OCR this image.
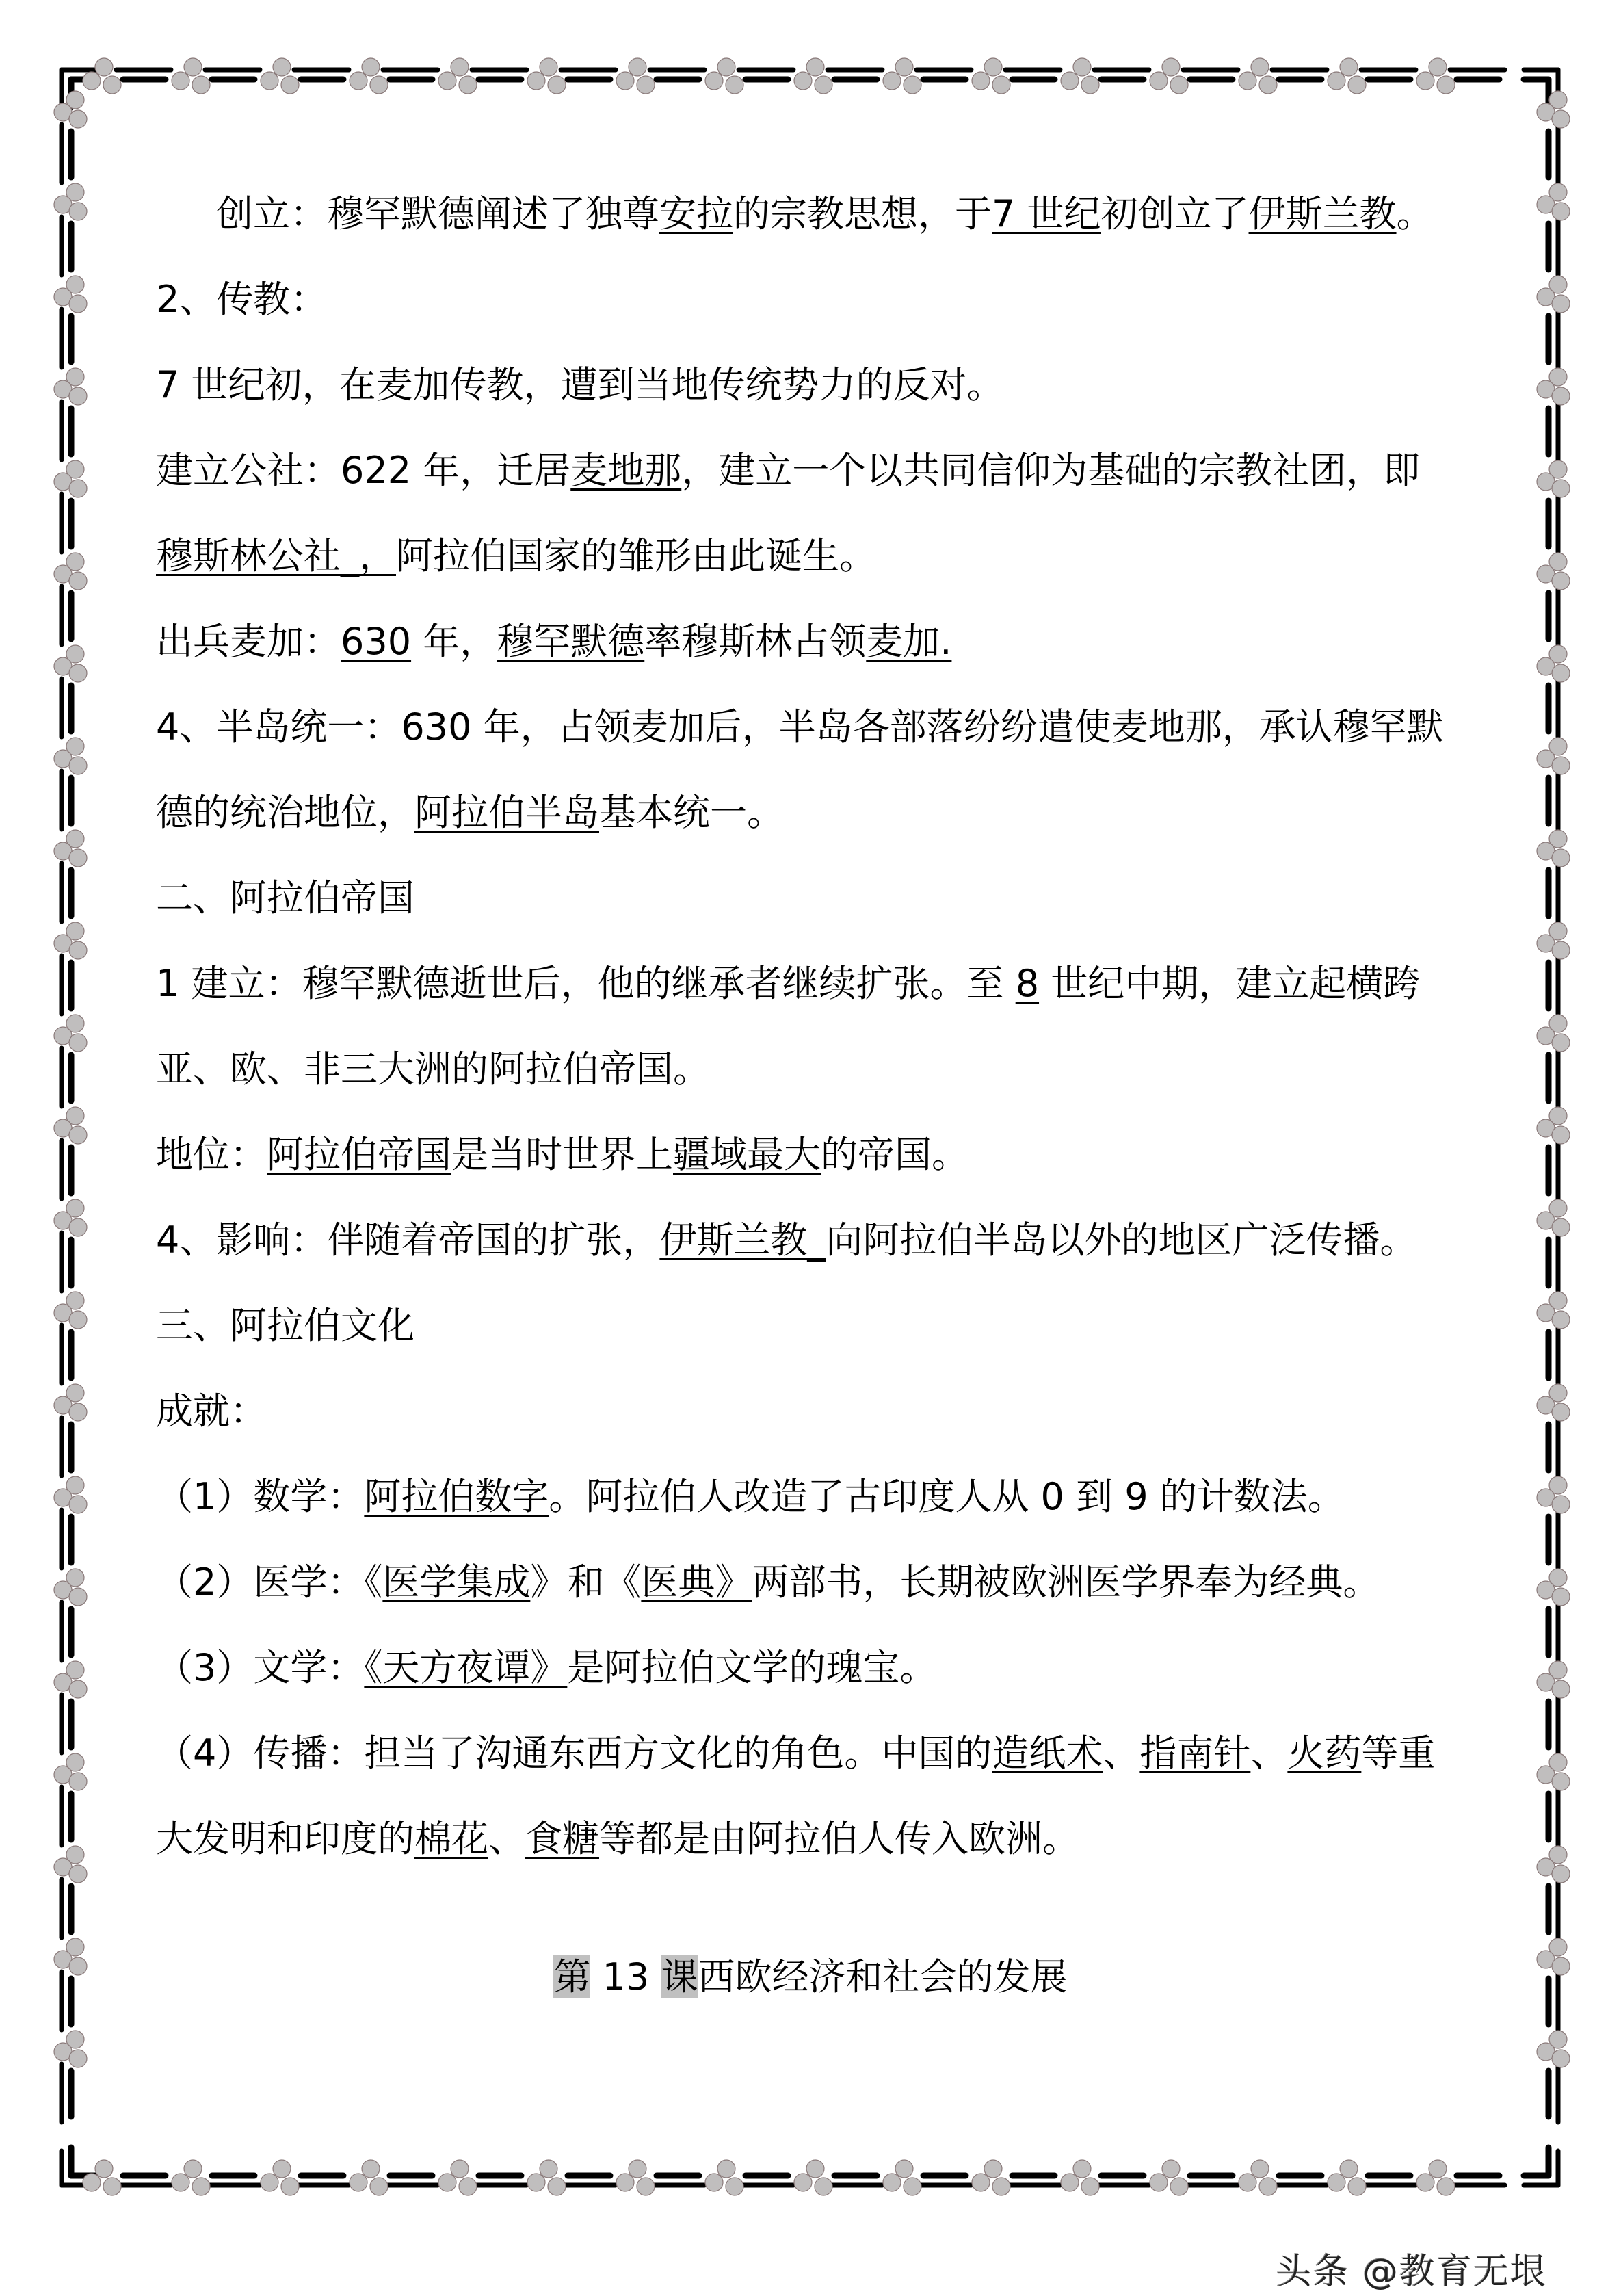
创立：穆罕默德阐述了独尊安拉的宗教思想，于7 世纪初创立了伊斯兰教。
2、传教：
7 世纪初，在麦加传教，遭到当地传统势力的反对。
建立公社：622 年，迁居麦地那，建立一个以共同信仰为基础的宗教社团，即
穆斯林公社_，阿拉伯国家的雏形由此诞生。
出兵麦加：630 年，穆罕默德率穆斯林占领麦加.
4、半岛统一：630 年，占领麦加后，半岛各部落纷纷遣使麦地那，承认穆罕默
德的统治地位，阿拉伯半岛基本统一。
二、阿拉伯帝国
1 建立：穆罕默德逝世后，他的继承者继续扩张。至 8 世纪中期，建立起横跨
亚、欧、非三大洲的阿拉伯帝国。
地位：阿拉伯帝国是当时世界上疆域最大的帝国。
4、影响：伴随着帝国的扩张，伊斯兰教_向阿拉伯半岛以外的地区广泛传播。
三、阿拉伯文化
成就：
（1）数学：阿拉伯数字。阿拉伯人改造了古印度人从 0 到 9 的计数法。
（2）医学：《医学集成》和《医典》两部书，长期被欧洲医学界奉为经典。
（3）文学：《天方夜谭》是阿拉伯文学的瑰宝。
（4）传播：担当了沟通东西方文化的角色。中国的造纸术、指南针、火药等重
大发明和印度的棉花、食糖等都是由阿拉伯人传入欧洲。
第 13 课西欧经济和社会的发展
头条 @教育无垠
